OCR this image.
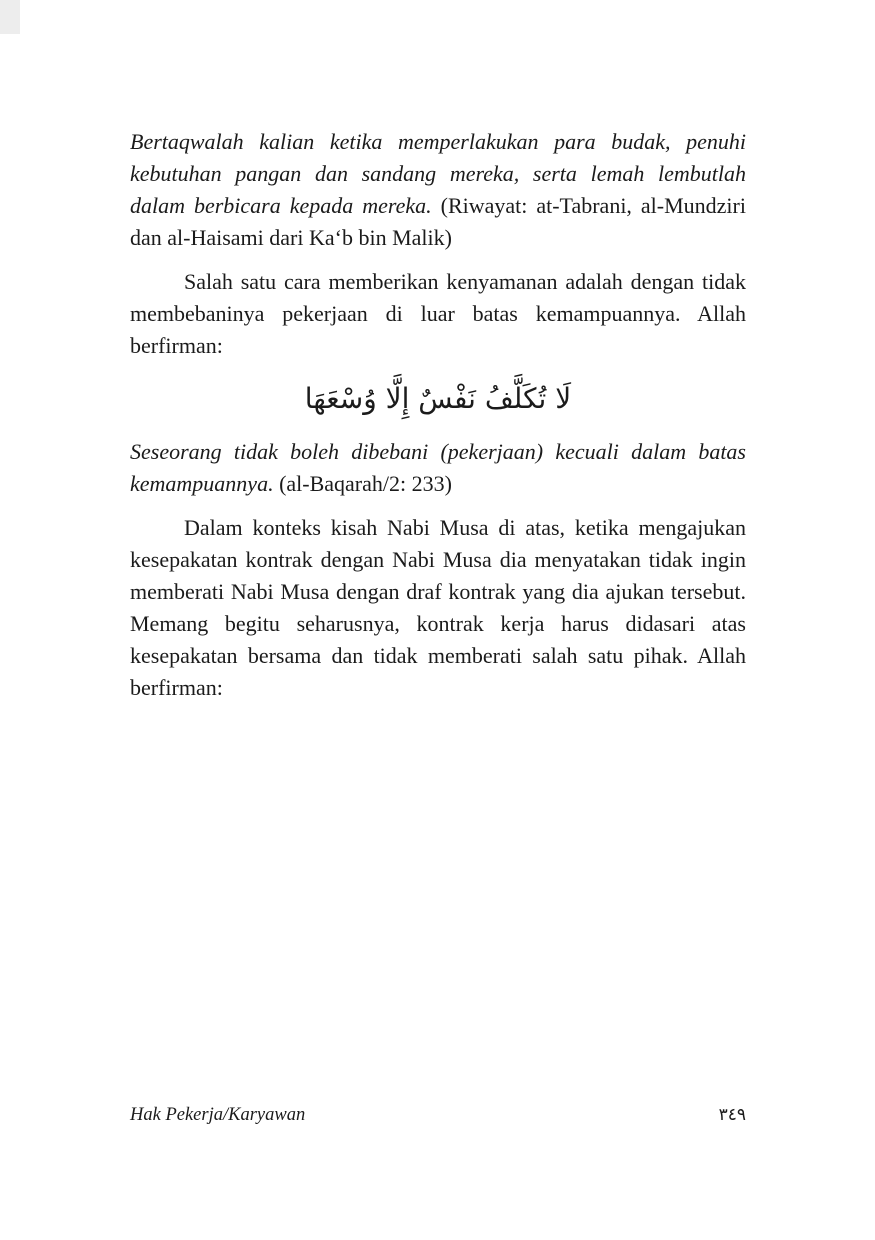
Bertaqwalah kalian ketika memperlakukan para budak, penuhi kebutuhan pangan dan sandang mereka, serta lemah lembutlah dalam berbicara kepada mereka. (Riwayat: at-Tabrani, al-Mundziri dan al-Haisami dari Ka‘b bin Malik)

Salah satu cara memberikan kenyamanan adalah dengan tidak membebaninya pekerjaan di luar batas kemampuannya. Allah berfirman:

لَا تُكَلَّفُ نَفْسٌ إِلَّا وُسْعَهَا

Seseorang tidak boleh dibebani (pekerjaan) kecuali dalam batas kemampuannya. (al-Baqarah/2: 233)

Dalam konteks kisah Nabi Musa di atas, ketika mengajukan kesepakatan kontrak dengan Nabi Musa dia menyatakan tidak ingin memberati Nabi Musa dengan draf kontrak yang dia ajukan tersebut. Memang begitu seharusnya, kontrak kerja harus didasari atas kesepakatan bersama dan tidak memberati salah satu pihak. Allah berfirman:

Hak Pekerja/Karyawan	٣٤٩
